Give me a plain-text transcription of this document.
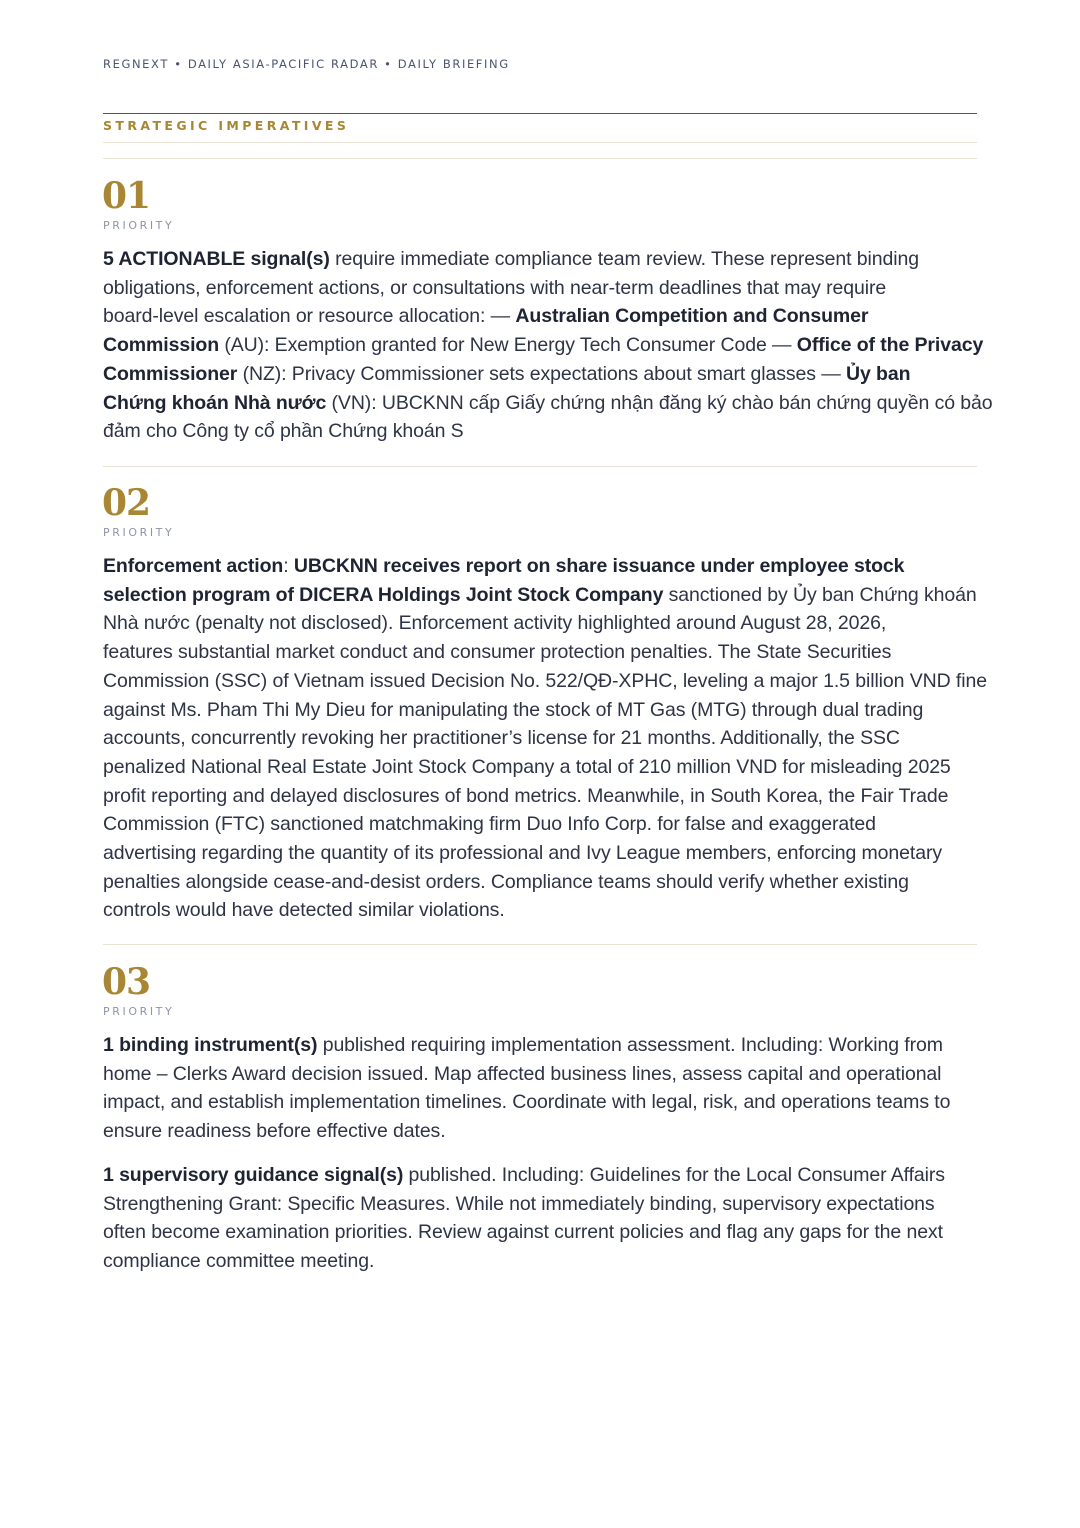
REGNEXT • DAILY ASIA-PACIFIC RADAR • DAILY BRIEFING
STRATEGIC IMPERATIVES
01
PRIORITY
5 ACTIONABLE signal(s) require immediate compliance team review. These represent binding
obligations, enforcement actions, or consultations with near-term deadlines that may require
board-level escalation or resource allocation: — Australian Competition and Consumer
Commission (AU): Exemption granted for New Energy Tech Consumer Code — Office of the Privacy
Commissioner (NZ): Privacy Commissioner sets expectations about smart glasses — Ủy ban
Chứng khoán Nhà nước (VN): UBCKNN cấp Giấy chứng nhận đăng ký chào bán chứng quyền có bảo
đảm cho Công ty cổ phần Chứng khoán S
02
PRIORITY
Enforcement action: UBCKNN receives report on share issuance under employee stock
selection program of DICERA Holdings Joint Stock Company sanctioned by Ủy ban Chứng khoán
Nhà nước (penalty not disclosed). Enforcement activity highlighted around August 28, 2026,
features substantial market conduct and consumer protection penalties. The State Securities
Commission (SSC) of Vietnam issued Decision No. 522/QĐ-XPHC, leveling a major 1.5 billion VND fine
against Ms. Pham Thi My Dieu for manipulating the stock of MT Gas (MTG) through dual trading
accounts, concurrently revoking her practitioner’s license for 21 months. Additionally, the SSC
penalized National Real Estate Joint Stock Company a total of 210 million VND for misleading 2025
profit reporting and delayed disclosures of bond metrics. Meanwhile, in South Korea, the Fair Trade
Commission (FTC) sanctioned matchmaking firm Duo Info Corp. for false and exaggerated
advertising regarding the quantity of its professional and Ivy League members, enforcing monetary
penalties alongside cease-and-desist orders. Compliance teams should verify whether existing
controls would have detected similar violations.
03
PRIORITY
1 binding instrument(s) published requiring implementation assessment. Including: Working from
home – Clerks Award decision issued. Map affected business lines, assess capital and operational
impact, and establish implementation timelines. Coordinate with legal, risk, and operations teams to
ensure readiness before effective dates.
1 supervisory guidance signal(s) published. Including: Guidelines for the Local Consumer Affairs
Strengthening Grant: Specific Measures. While not immediately binding, supervisory expectations
often become examination priorities. Review against current policies and flag any gaps for the next
compliance committee meeting.
